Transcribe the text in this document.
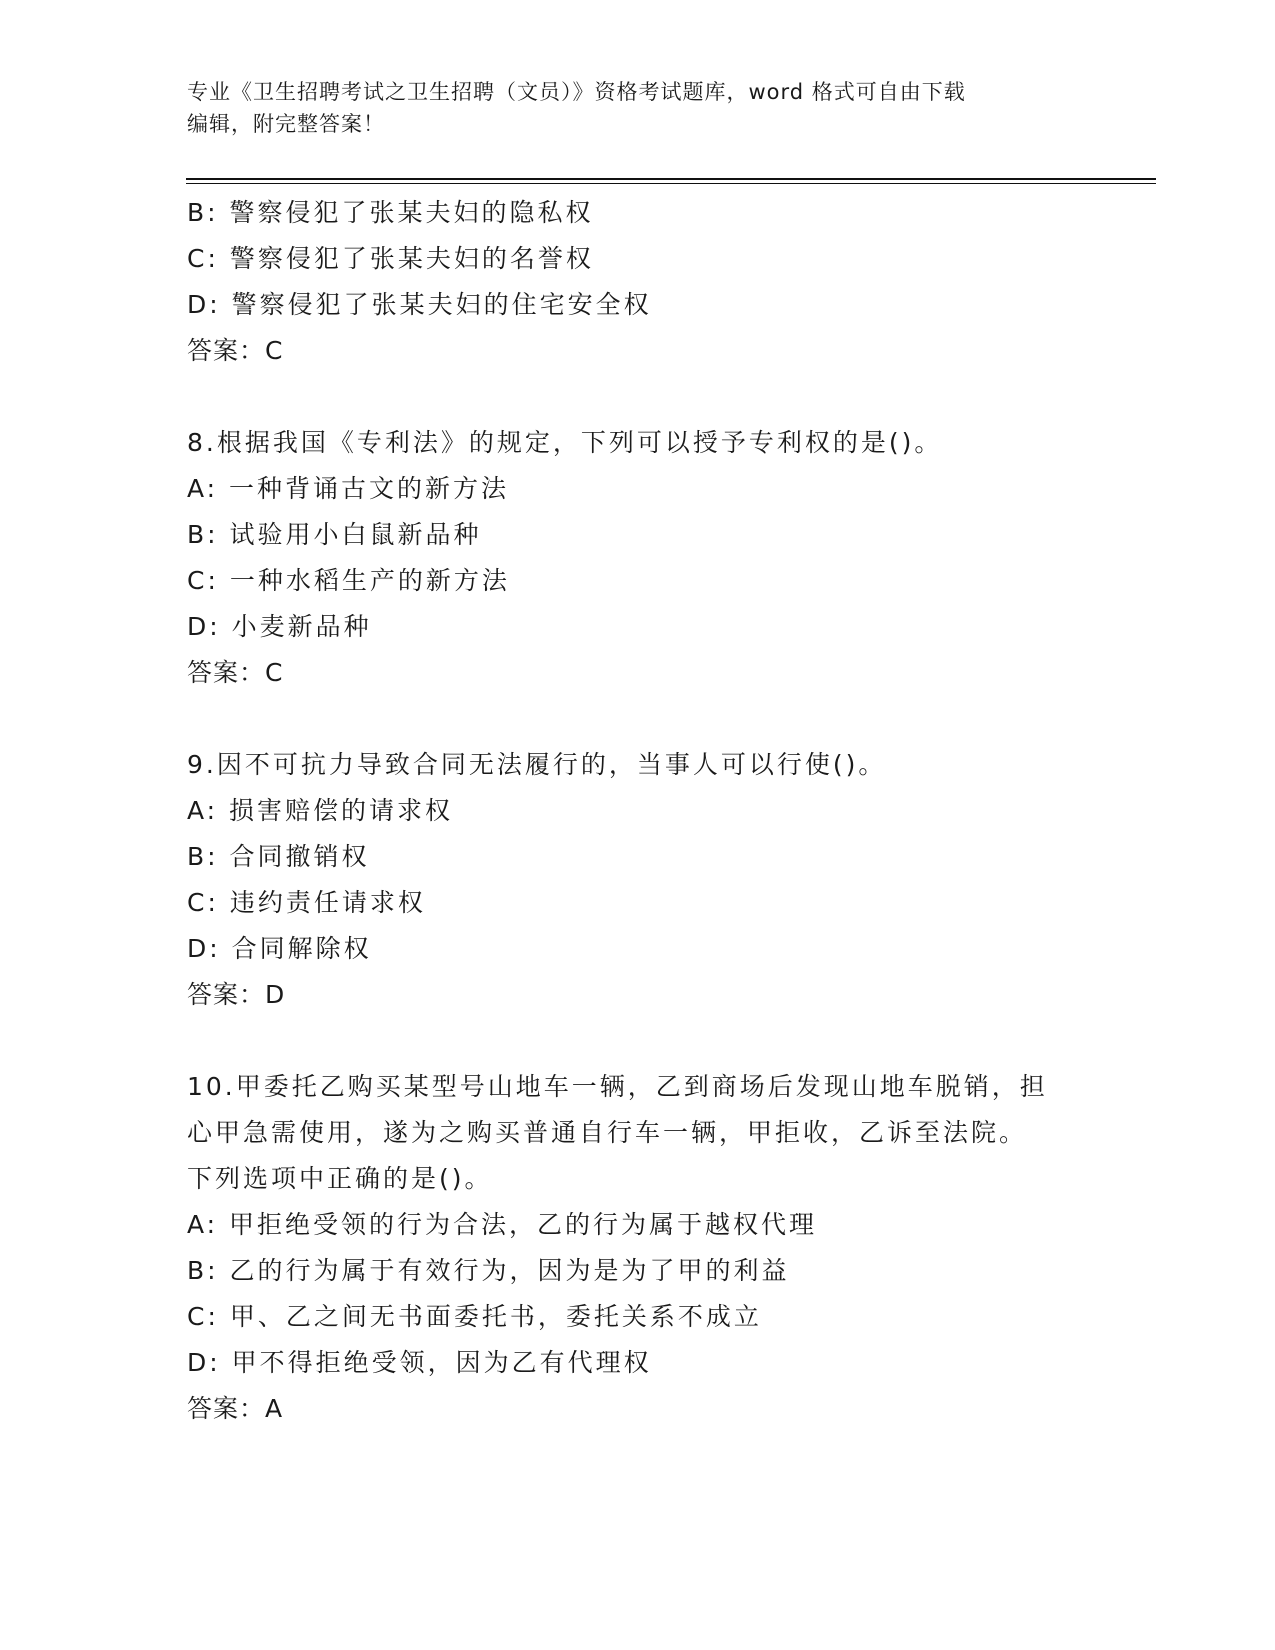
专业《卫生招聘考试之卫生招聘（文员）》资格考试题库，word 格式可自由下载
编辑，附完整答案！
B: 警察侵犯了张某夫妇的隐私权
C: 警察侵犯了张某夫妇的名誉权
D: 警察侵犯了张某夫妇的住宅安全权
答案：C
8.根据我国《专利法》的规定，下列可以授予专利权的是()。
A: 一种背诵古文的新方法
B: 试验用小白鼠新品种
C: 一种水稻生产的新方法
D: 小麦新品种
答案：C
9.因不可抗力导致合同无法履行的，当事人可以行使()。
A: 损害赔偿的请求权
B: 合同撤销权
C: 违约责任请求权
D: 合同解除权
答案：D
10.甲委托乙购买某型号山地车一辆，乙到商场后发现山地车脱销，担
心甲急需使用，遂为之购买普通自行车一辆，甲拒收，乙诉至法院。
下列选项中正确的是()。
A: 甲拒绝受领的行为合法，乙的行为属于越权代理
B: 乙的行为属于有效行为，因为是为了甲的利益
C: 甲、乙之间无书面委托书，委托关系不成立
D: 甲不得拒绝受领，因为乙有代理权
答案：A
